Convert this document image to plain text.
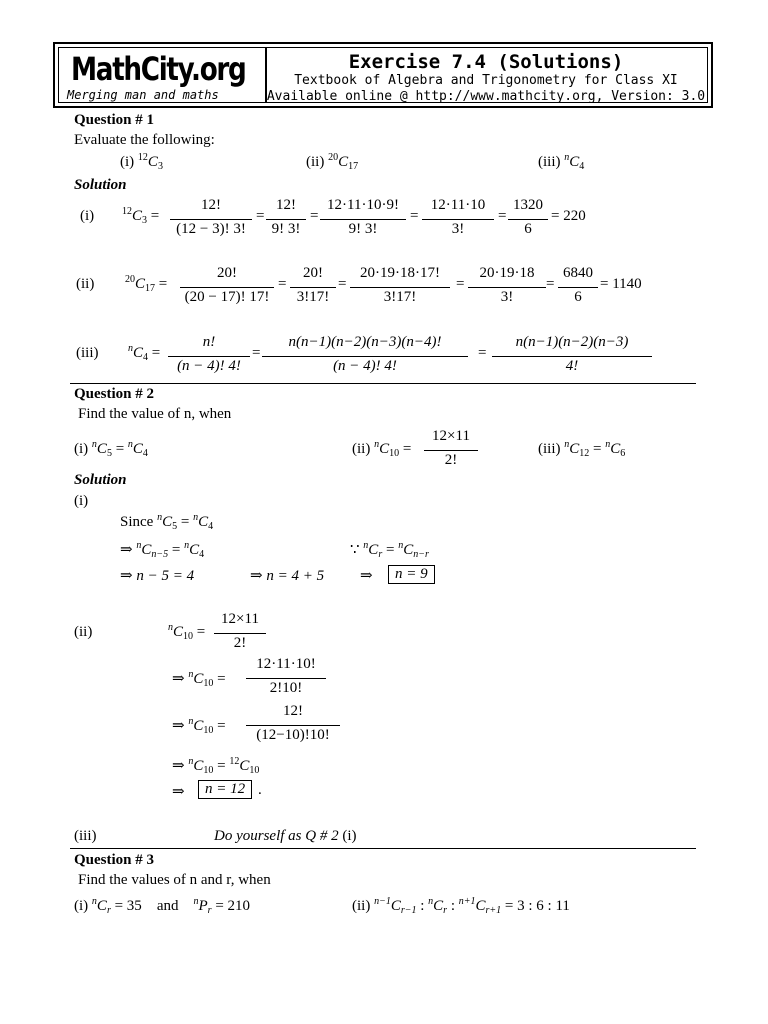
MathCity.org
Merging man and maths
Exercise 7.4 (Solutions)
Textbook of Algebra and Trigonometry for Class XI
Available online @ http://www.mathcity.org, Version: 3.0
Question # 1
Evaluate the following:
(i) $^{12}C_3$	(ii) $^{20}C_{17}$	(iii) $^nC_4$
Solution
(i)	$^{12}C_3$ =
12!
(12 − 3)! 3!
=
12!
9! 3!
=
12·11·10·9!
9! 3!
=
12·11·10
3!
=
1320
6
= 220
(ii)	$^{20}C_{17}$ =
20!
(20 − 17)! 17!
=
20!
3!17!
=
20·19·18·17!
3!17!
=
20·19·18
3!
=
6840
6
= 1140
(iii)	$^nC_4$ =
n!
(n − 4)! 4!
=
n(n−1)(n−2)(n−3)(n−4)!
(n − 4)! 4!
=
n(n−1)(n−2)(n−3)
4!
Question # 2
Find the value of n, when
(i) $^nC_5 = ^nC_4$	(ii) $^nC_{10}$ =
12×11
2!
(iii) $^nC_{12} = ^nC_6$
Solution
(i)
Since $^nC_5 = ^nC_4$
⇒ $^nC_{n-5} = ^nC_4$	∵ $^nC_r = ^nC_{n-r}$
⇒ n − 5 = 4	⇒ n = 4 + 5 ⇒	n = 9
(ii)	$^nC_{10}$ =
12×11
2!
⇒ $^nC_{10}$ =
12·11·10!
2!10!
⇒ $^nC_{10}$ =
12!
(12−10)!10!
⇒ $^nC_{10} = ^{12}C_{10}$
⇒	n = 12 .
(iii)	Do yourself as Q # 2 (i)
Question # 3
Find the values of n and r, when
(i) $^nC_r = 35$ and $^nP_r = 210$	(ii) $^{n-1}C_{r-1}$ : $^nC_r$ : $^{n+1}C_{r+1} = 3$ : 6 : 11
